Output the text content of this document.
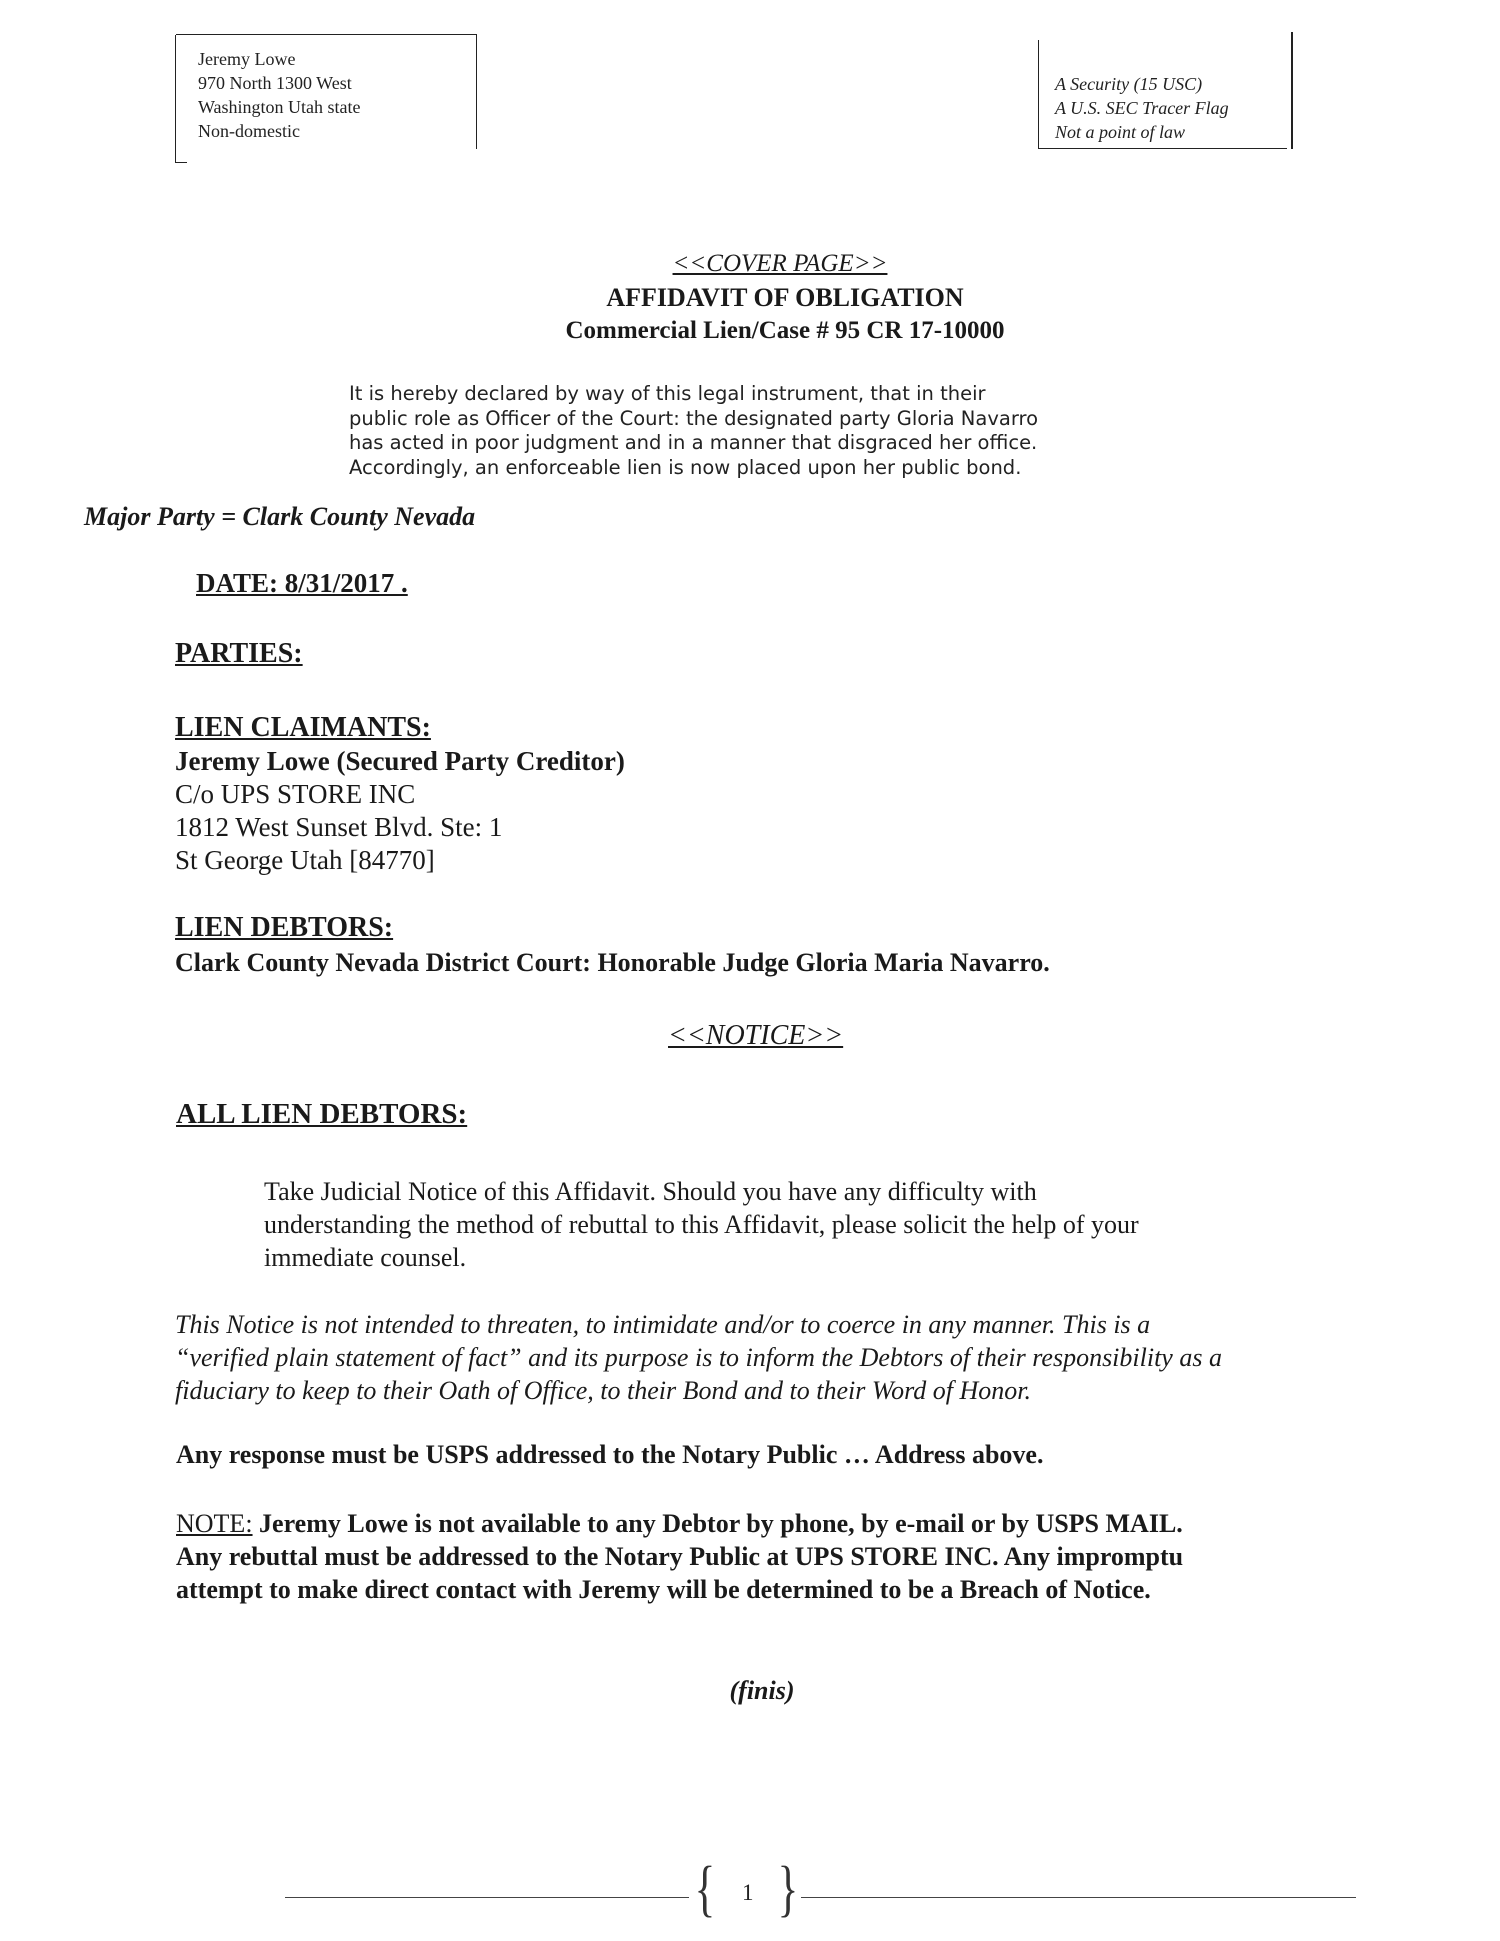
Jeremy Lowe
970 North 1300 West
Washington Utah state
Non-domestic
A Security (15 USC)
A U.S. SEC Tracer Flag
Not a point of law
<<COVER PAGE>>
AFFIDAVIT OF OBLIGATION
Commercial Lien/Case # 95 CR 17-10000
It is hereby declared by way of this legal instrument, that in their
public role as Officer of the Court: the designated party Gloria Navarro
has acted in poor judgment and in a manner that disgraced her office.
Accordingly, an enforceable lien is now placed upon her public bond.
Major Party = Clark County Nevada
DATE: 8/31/2017 .
PARTIES:
LIEN CLAIMANTS:
Jeremy Lowe (Secured Party Creditor)
C/o UPS STORE INC
1812 West Sunset Blvd. Ste: 1
St George Utah [84770]
LIEN DEBTORS:
Clark County Nevada District Court: Honorable Judge Gloria Maria Navarro.
<<NOTICE>>
ALL LIEN DEBTORS:
Take Judicial Notice of this Affidavit. Should you have any difficulty with
understanding the method of rebuttal to this Affidavit, please solicit the help of your
immediate counsel.
This Notice is not intended to threaten, to intimidate and/or to coerce in any manner. This is a
“verified plain statement of fact” and its purpose is to inform the Debtors of their responsibility as a
fiduciary to keep to their Oath of Office, to their Bond and to their Word of Honor.
Any response must be USPS addressed to the Notary Public … Address above.
NOTE: Jeremy Lowe is not available to any Debtor by phone, by e-mail or by USPS MAIL.
Any rebuttal must be addressed to the Notary Public at UPS STORE INC. Any impromptu
attempt to make direct contact with Jeremy will be determined to be a Breach of Notice.
(finis)
{ }
1
